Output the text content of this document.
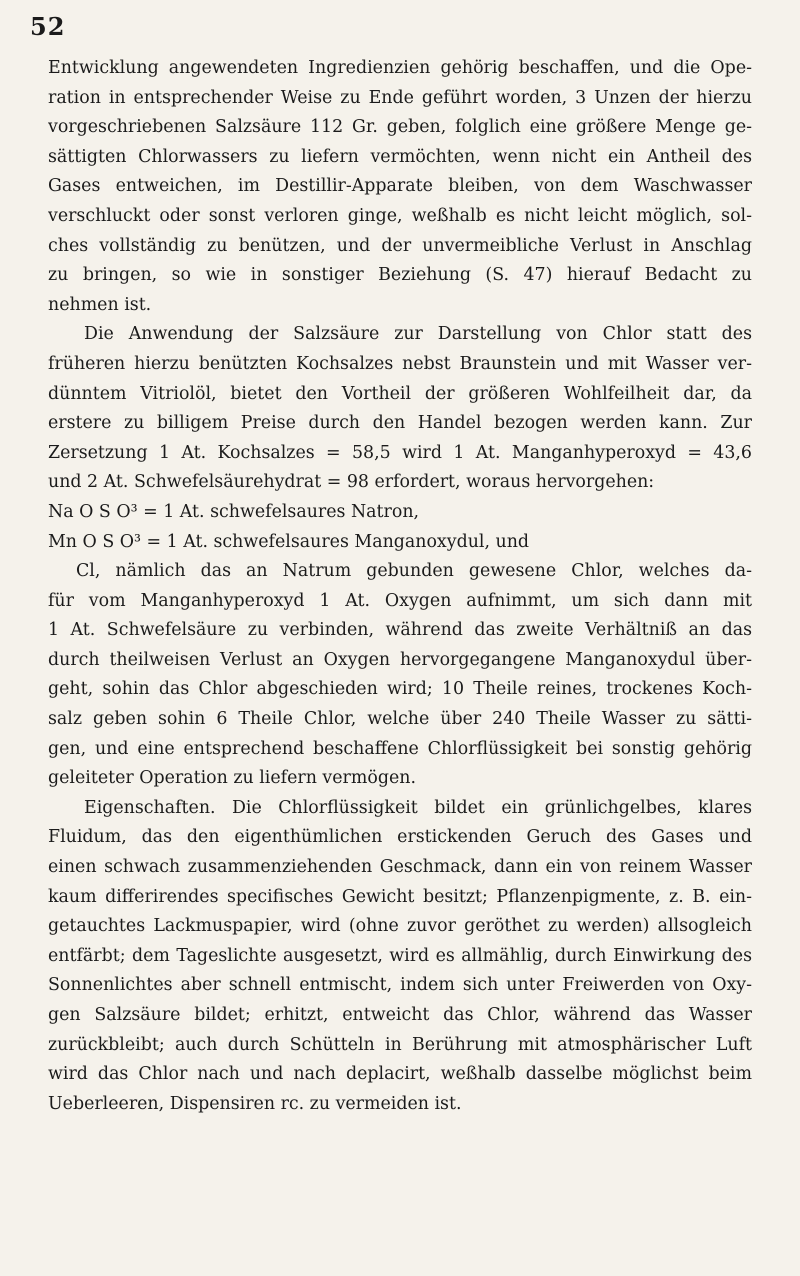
52
Entwicklung angewendeten Ingredienzien gehörig beschaffen, und die Ope-
ration in entsprechender Weise zu Ende geführt worden, 3 Unzen der hierzu
vorgeschriebenen Salzsäure 112 Gr. geben, folglich eine größere Menge ge-
sättigten Chlorwassers zu liefern vermöchten, wenn nicht ein Antheil des
Gases entweichen, im Destillir-Apparate bleiben, von dem Waschwasser
verschluckt oder sonst verloren ginge, weßhalb es nicht leicht möglich, sol-
ches vollständig zu benützen, und der unvermeibliche Verlust in Anschlag
zu bringen, so wie in sonstiger Beziehung (S. 47) hierauf Bedacht zu
nehmen ist.
Die Anwendung der Salzsäure zur Darstellung von Chlor statt des
früheren hierzu benützten Kochsalzes nebst Braunstein und mit Wasser ver-
dünntem Vitriolöl, bietet den Vortheil der größeren Wohlfeilheit dar, da
erstere zu billigem Preise durch den Handel bezogen werden kann. Zur
Zersetzung 1 At. Kochsalzes = 58,5 wird 1 At. Manganhyperoxyd = 43,6
und 2 At. Schwefelsäurehydrat = 98 erfordert, woraus hervorgehen:
Na O S O³ = 1 At. schwefelsaures Natron,
Mn O S O³ = 1 At. schwefelsaures Manganoxydul, und
Cl, nämlich das an Natrum gebunden gewesene Chlor, welches da-
für vom Manganhyperoxyd 1 At. Oxygen aufnimmt, um sich dann mit
1 At. Schwefelsäure zu verbinden, während das zweite Verhältniß an das
durch theilweisen Verlust an Oxygen hervorgegangene Manganoxydul über-
geht, sohin das Chlor abgeschieden wird; 10 Theile reines, trockenes Koch-
salz geben sohin 6 Theile Chlor, welche über 240 Theile Wasser zu sätti-
gen, und eine entsprechend beschaffene Chlorflüssigkeit bei sonstig gehörig
geleiteter Operation zu liefern vermögen.
Eigenschaften. Die Chlorflüssigkeit bildet ein grünlichgelbes, klares
Fluidum, das den eigenthümlichen erstickenden Geruch des Gases und
einen schwach zusammenziehenden Geschmack, dann ein von reinem Wasser
kaum differirendes specifisches Gewicht besitzt; Pflanzenpigmente, z. B. ein-
getauchtes Lackmuspapier, wird (ohne zuvor geröthet zu werden) allsogleich
entfärbt; dem Tageslichte ausgesetzt, wird es allmählig, durch Einwirkung des
Sonnenlichtes aber schnell entmischt, indem sich unter Freiwerden von Oxy-
gen Salzsäure bildet; erhitzt, entweicht das Chlor, während das Wasser
zurückbleibt; auch durch Schütteln in Berührung mit atmosphärischer Luft
wird das Chlor nach und nach deplacirt, weßhalb dasselbe möglichst beim
Ueberleeren, Dispensiren rc. zu vermeiden ist.
